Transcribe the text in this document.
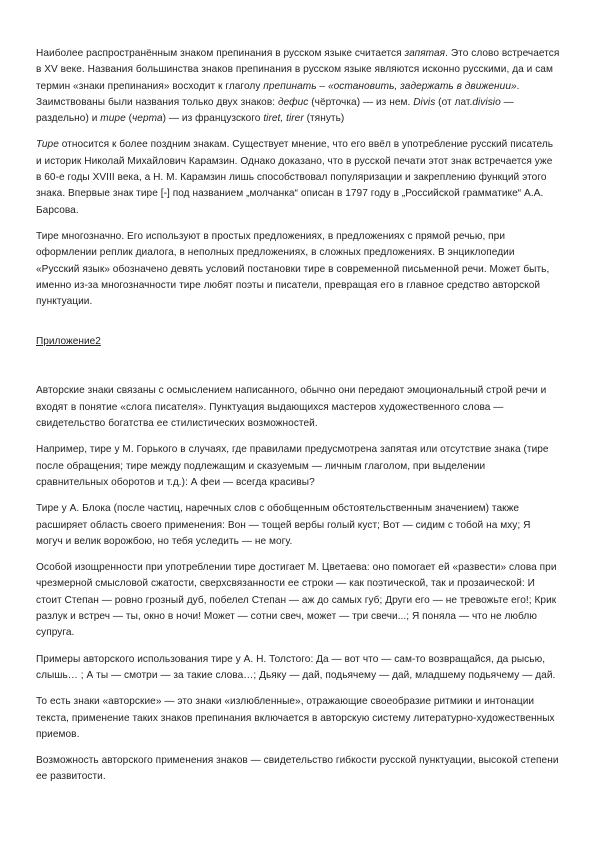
Наиболее распространённым знаком препинания в русском языке считается запятая. Это слово встречается в XV веке. Названия большинства знаков препинания в русском языке являются исконно русскими, да и сам термин «знаки препинания» восходит к глаголу препинать – «остановить, задержать в движении». Заимствованы были названия только двух знаков: дефис (чёрточка) — из нем. Divis (от лат.divisio — раздельно) и тире (черта) — из французского tiret, tirer (тянуть)

Тире относится к более поздним знакам. Существует мнение, что его ввёл в употребление русский писатель и историк Николай Михайлович Карамзин. Однако доказано, что в русской печати этот знак встречается уже в 60-е годы XVIII века, а Н. М. Карамзин лишь способствовал популяризации и закреплению функций этого знака. Впервые знак тире [-] под названием „молчанка“ описан в 1797 году в „Российской грамматике“ А.А. Барсова.

Тире многозначно. Его используют в простых предложениях, в предложениях с прямой речью, при оформлении реплик диалога, в неполных предложениях, в сложных предложениях. В энциклопедии «Русский язык» обозначено девять условий постановки тире в современной письменной речи. Может быть, именно из-за многозначности тире любят поэты и писатели, превращая его в главное средство авторской пунктуации.

Приложение2

Авторские знаки связаны с осмыслением написанного, обычно они передают эмоциональный строй речи и входят в понятие «слога писателя». Пунктуация выдающихся мастеров художественного слова — свидетельство богатства ее стилистических возможностей.

Например, тире у М. Горького в случаях, где правилами предусмотрена запятая или отсутствие знака (тире после обращения; тире между подлежащим и сказуемым — личным глаголом, при выделении сравнительных оборотов и т.д.): А феи — всегда красивы?

Тире у А. Блока (после частиц, наречных слов с обобщенным обстоятельственным значением) также расширяет область своего применения: Вон — тощей вербы голый куст; Вот — сидим с тобой на мху; Я могуч и велик ворожбою, но тебя уследить — не могу.

Особой изощренности при употреблении тире достигает М. Цветаева: оно помогает ей «развести» слова при чрезмерной смысловой сжатости, сверхсвязанности ее строки — как поэтической, так и прозаической: И стоит Степан — ровно грозный дуб, побелел Степан — аж до самых губ; Други его — не тревожьте его!; Крик разлук и встреч — ты, окно в ночи! Может — сотни свеч, может — три свечи...; Я поняла — что не люблю супруга.

Примеры авторского использования тире у А. Н. Толстого: Да — вот что — сам-то возвращайся, да рысью, слышь… ; А ты — смотри — за такие слова…; Дьяку — дай, подьячему — дай, младшему подьячему — дай.

То есть знаки «авторские» — это знаки «излюбленные», отражающие своеобразие ритмики и интонации текста, применение таких знаков препинания включается в авторскую систему литературно-художественных приемов.

Возможность авторского применения знаков — свидетельство гибкости русской пунктуации, высокой степени ее развитости.
